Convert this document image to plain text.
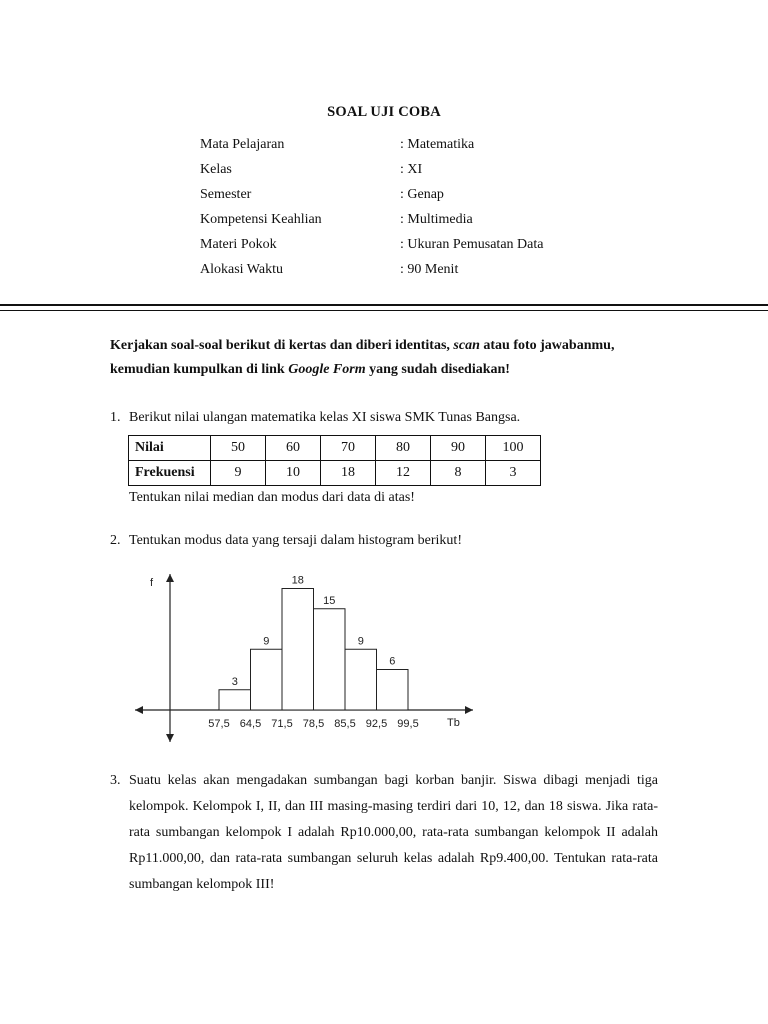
SOAL UJI COBA
Mata Pelajaran	: Matematika
Kelas	: XI
Semester	: Genap
Kompetensi Keahlian	: Multimedia
Materi Pokok	: Ukuran Pemusatan Data
Alokasi Waktu	: 90 Menit
Kerjakan soal-soal berikut di kertas dan diberi identitas, scan atau foto jawabanmu, kemudian kumpulkan di link Google Form yang sudah disediakan!
1. Berikut nilai ulangan matematika kelas XI siswa SMK Tunas Bangsa.
Nilai	50	60	70	80	90	100
Frekuensi	9	10	18	12	8	3
Tentukan nilai median dan modus dari data di atas!
2. Tentukan modus data yang tersaji dalam histogram berikut!
f
Tb
3
9
18
15
9
6
57,5 64,5 71,5 78,5 85,5 92,5 99,5
3. Suatu kelas akan mengadakan sumbangan bagi korban banjir. Siswa dibagi menjadi tiga kelompok. Kelompok I, II, dan III masing-masing terdiri dari 10, 12, dan 18 siswa. Jika rata-rata sumbangan kelompok I adalah Rp10.000,00, rata-rata sumbangan kelompok II adalah Rp11.000,00, dan rata-rata sumbangan seluruh kelas adalah Rp9.400,00. Tentukan rata-rata sumbangan kelompok III!
